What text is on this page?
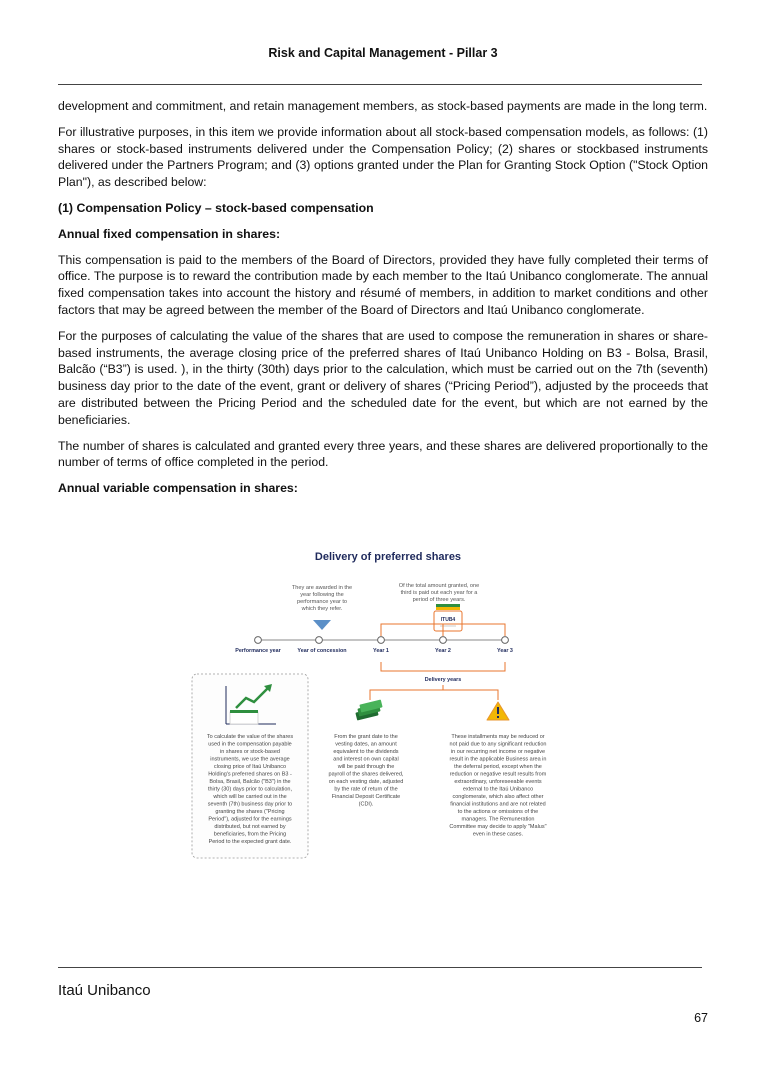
Risk and Capital Management - Pillar 3

development and commitment, and retain management members, as stock-based payments are made in the long term.

For illustrative purposes, in this item we provide information about all stock-based compensation models, as follows: (1) shares or stock-based instruments delivered under the Compensation Policy; (2) shares or stockbased instruments delivered under the Partners Program; and (3) options granted under the Plan for Granting Stock Option ("Stock Option Plan"), as described below:

(1) Compensation Policy – stock-based compensation
Annual fixed compensation in shares:

This compensation is paid to the members of the Board of Directors, provided they have fully completed their terms of office. The purpose is to reward the contribution made by each member to the Itaú Unibanco conglomerate. The annual fixed compensation takes into account the history and résumé of members, in addition to market conditions and other factors that may be agreed between the member of the Board of Directors and Itaú Unibanco conglomerate.

For the purposes of calculating the value of the shares that are used to compose the remuneration in shares or share-based instruments, the average closing price of the preferred shares of Itaú Unibanco Holding on B3 - Bolsa, Brasil, Balcão (“B3”) is used. ), in the thirty (30th) days prior to the calculation, which must be carried out on the 7th (seventh) business day prior to the date of the event, grant or delivery of shares (“Pricing Period”), adjusted by the proceeds that are distributed between the Pricing Period and the scheduled date for the event, but which are not earned by the beneficiaries.

The number of shares is calculated and granted every three years, and these shares are delivered proportionally to the number of terms of office completed in the period.

Annual variable compensation in shares:
Delivery of preferred shares
They are awarded in the
year following the
performance year to
which they refer.
Of the total amount granted, one
third is paid out each year for a
period of three years.
ITUB4
Performance year	Year of concession	Year 1	Year 2	Year 3
Delivery years
To calculate the value of the shares
used in the compensation payable
in shares or stock-based
instruments, we use the average
closing price of Itaú Unibanco
Holding's preferred shares on B3 -
Bolsa, Brasil, Balcão ("B3") in the
thirty (30) days prior to calculation,
which will be carried out in the
seventh (7th) business day prior to
granting the shares ("Pricing
Period"), adjusted for the earnings
distributed, but not earned by
beneficiaries, from the Pricing
Period to the expected grant date.
From the grant date to the
vesting dates, an amount
equivalent to the dividends
and interest on own capital
will be paid through the
payroll of the shares delivered,
on each vesting date, adjusted
by the rate of return of the
Financial Deposit Certificate
(CDI).
These installments may be reduced or
not paid due to any significant reduction
in our recurring net income or negative
result in the applicable Business area in
the deferral period, except when the
reduction or negative result results from
extraordinary, unforeseeable events
external to the Itaú Unibanco
conglomerate, which also affect other
financial institutions and are not related
to the actions or omissions of the
managers. The Remuneration
Committee may decide to apply "Malus"
even in these cases.
Itaú Unibanco
67
